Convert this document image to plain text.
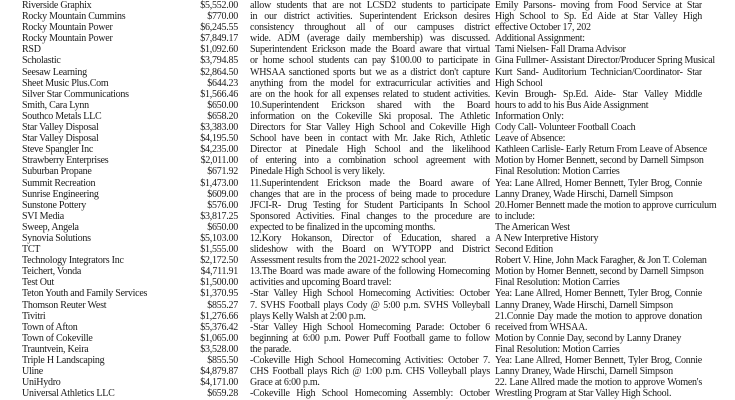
Riverside Graphix	$5,552.00
Rocky Mountain Cummins	$770.00
Rocky Mountain Power	$6,245.55
Rocky Mountain Power	$7,849.17
RSD	$1,092.60
Scholastic	$3,794.85
Seesaw Learning	$2,864.50
Sheet Music Plus.Com	$644.23
Silver Star Communications	$1,566.46
Smith, Cara Lynn	$650.00
Southco Metals LLC	$658.20
Star Valley Disposal	$3,383.00
Star Valley Disposal	$4,195.50
Steve Spangler Inc	$4,235.00
Strawberry Enterprises	$2,011.00
Suburban Propane	$671.92
Summit Recreation	$1,473.00
Sunrise Engineering	$609.00
Sunstone Pottery	$576.00
SVI Media	$3,817.25
Sweep, Angela	$650.00
Synovia Solutions	$5,103.00
TCT	$1,555.00
Technology Integrators Inc	$2,172.50
Teichert, Vonda	$4,711.91
Test Out	$1,500.00
Teton Youth and Family Services	$1,370.95
Thomson Reuter West	$855.27
Tivitri	$1,276.66
Town of Afton	$5,376.42
Town of Cokeville	$1,065.00
Trauntvein, Keira	$3,528.00
Triple H Landscaping	$855.50
Uline	$4,879.87
UniHydro	$4,171.00
Universal Athletics LLC	$659.28
allow students that are not LCSD2 students to participate
in our district activities. Superintendent Erickson desires
consistency throughout all of our campuses district
wide. ADM (average daily membership) was discussed.
Superintendent Erickson made the Board aware that virtual
or home school students can pay $100.00 to participate in
WHSAA sanctioned sports but we as a district don't capture
anything from the model for extracurricular activities and
are on the hook for all expenses related to student activities.
10.Superintendent Erickson shared with the Board
information on the Cokeville Ski proposal. The Athletic
Directors for Star Valley High School and Cokeville High
School have been in contact with Mr. Jake Rich, Athletic
Director at Pinedale High School and the likelihood
of entering into a combination school agreement with
Pinedale High School is very likely.
11.Superintendent Erickson made the Board aware of
changes that are in the process of being made to procedure
JFCI-R- Drug Testing for Student Participants In School
Sponsored Activities. Final changes to the procedure are
expected to be finalized in the upcoming months.
12.Kory Hokanson, Director of Education, shared a
slideshow with the Board on WYTOPP and District
Assessment results from the 2021-2022 school year.
13.The Board was made aware of the following Homecoming
activities and upcoming Board travel:
-Star Valley High School Homecoming Activities: October
7. SVHS Football plays Cody @ 5:00 p.m. SVHS Volleyball
plays Kelly Walsh at 2:00 p.m.
-Star Valley High School Homecoming Parade: October 6
beginning at 6:00 p.m. Power Puff Football game to follow
the parade.
-Cokeville High School Homecoming Activities: October 7.
CHS Football plays Rich @ 1:00 p.m. CHS Volleyball plays
Grace at 6:00 p.m.
-Cokeville High School Homecoming Assembly: October
Emily Parsons- moving from Food Service at Star
High School to Sp. Ed Aide at Star Valley High
effective October 17, 202
Additional Assignment:
Tami Nielsen- Fall Drama Advisor
Gina Fullmer- Assistant Director/Producer Spring Musical
Kurt Sand- Auditorium Technician/Coordinator- Star
High School
Kevin Brough- Sp.Ed. Aide- Star Valley Middle
hours to add to his Bus Aide Assignment
Information Only:
Cody Call- Volunteer Football Coach
Leave of Absence:
Kathleen Carlisle- Early Return From Leave of Absence
Motion by Homer Bennett, second by Darnell Simpson
Final Resolution: Motion Carries
Yea: Lane Allred, Homer Bennett, Tyler Brog, Connie
Lanny Draney, Wade Hirschi, Darnell Simpson
20.Homer Bennett made the motion to approve curriculum
to include:
The American West
A New Interpretive History
Second Edition
Robert V. Hine, John Mack Faragher, & Jon T. Coleman
Motion by Homer Bennett, second by Darnell Simpson
Final Resolution: Motion Carries
Yea: Lane Allred, Homer Bennett, Tyler Brog, Connie
Lanny Draney, Wade Hirschi, Darnell Simpson
21.Connie Day made the motion to approve donation
received from WHSAA.
Motion by Connie Day, second by Lanny Draney
Final Resolution: Motion Carries
Yea: Lane Allred, Homer Bennett, Tyler Brog, Connie
Lanny Draney, Wade Hirschi, Darnell Simpson
22. Lane Allred made the motion to approve Women's
Wrestling Program at Star Valley High School.
